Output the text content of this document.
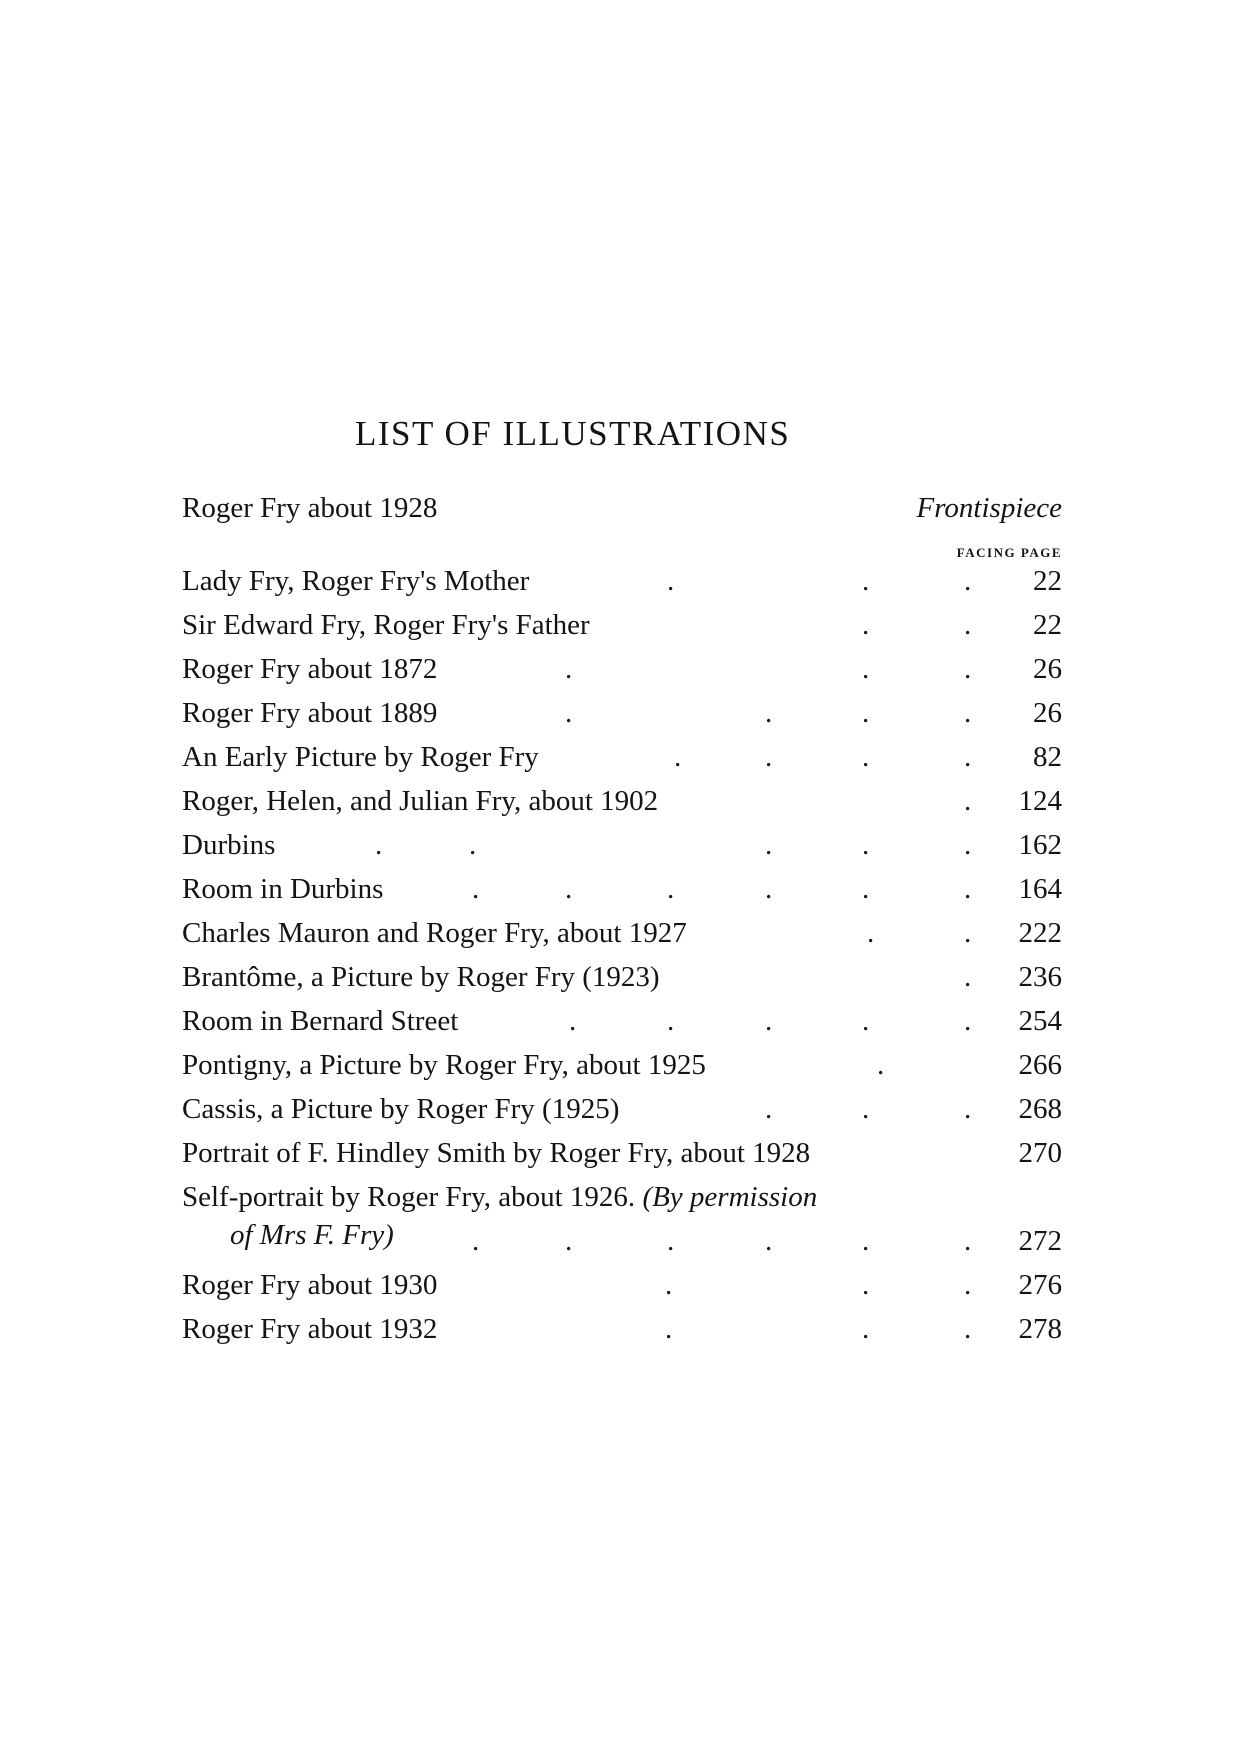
LIST OF ILLUSTRATIONS
Roger Fry about 1928	Frontispiece
FACING PAGE
Lady Fry, Roger Fry's Mother	.	.	. 22
Sir Edward Fry, Roger Fry's Father	.	. 22
Roger Fry about 1872	.	.	. 26
Roger Fry about 1889	.	.	.	. 26
An Early Picture by Roger Fry	.	.	.	. 82
Roger, Helen, and Julian Fry, about 1902	. 124
Durbins	.	.	.	.	. 162
Room in Durbins	.	.	.	.	.	. 164
Charles Mauron and Roger Fry, about 1927	.	. 222
Brantôme, a Picture by Roger Fry (1923)	. 236
Room in Bernard Street	.	.	.	.	. 254
Pontigny, a Picture by Roger Fry, about 1925	.	266
Cassis, a Picture by Roger Fry (1925)	.	.	. 268
Portrait of F. Hindley Smith by Roger Fry, about 1928	270
Self-portrait by Roger Fry, about 1926. (By permission
of Mrs F. Fry)	.	.	.	.	.	. 272
Roger Fry about 1930	.	.	. 276
Roger Fry about 1932	.	.	. 278
